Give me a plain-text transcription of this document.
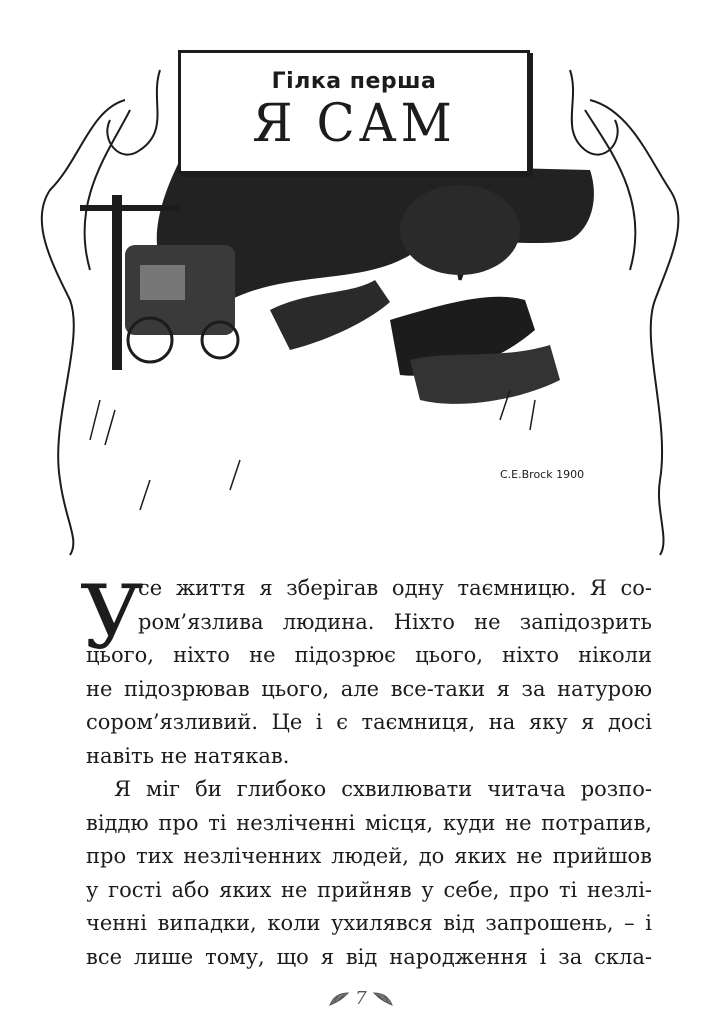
C.E.Brock 1900
Гілка перша
Я САМ
У

се життя я зберігав одну таємницю. Я со-
ром’язлива людина. Ніхто не запідозрить
цього, ніхто не підозрює цього, ніхто ніколи
не підозрював цього, але все-таки я за натурою
сором’язливий. Це і є таємниця, на яку я досі
навіть не натякав.

Я міг би глибоко схвилювати читача розпо-
віддю про ті незліченні місця, куди не потрапив,
про тих незліченних людей, до яких не прийшов
у гості або яких не прийняв у себе, про ті незлі-
ченні випадки, коли ухилявся від запрошень, – і
все лише тому, що я від народження і за скла-

7
